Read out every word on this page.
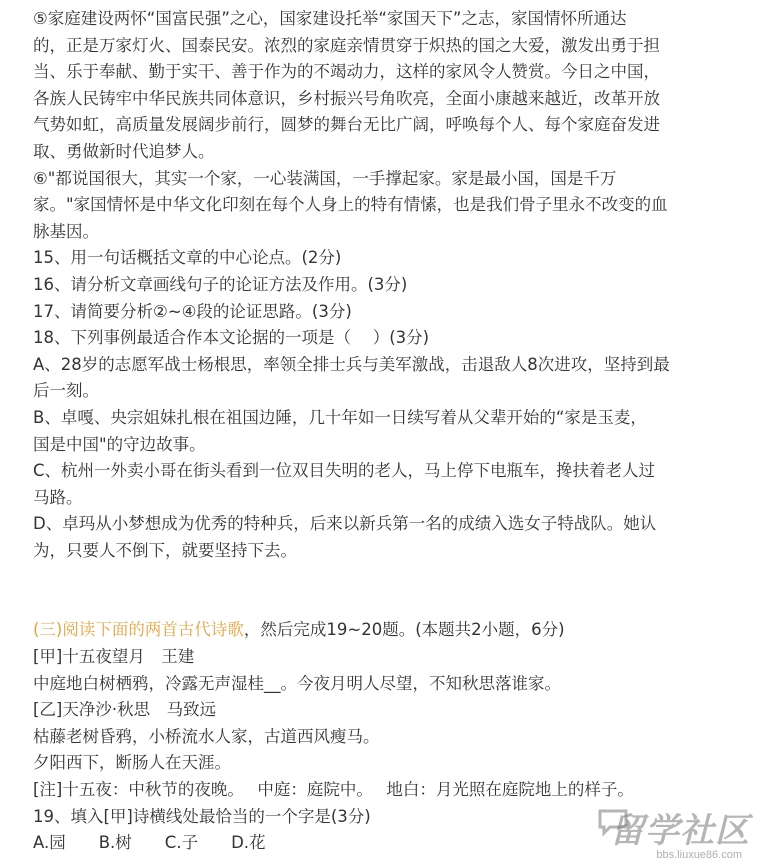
⑤家庭建设两怀“国富民强”之心，国家建设托举“家国天下”之志，家国情怀所通达
的，正是万家灯火、国泰民安。浓烈的家庭亲情贯穿于炽热的国之大爱，激发出勇于担
当、乐于奉献、勤于实干、善于作为的不竭动力，这样的家风令人赞赏。今日之中国，
各族人民铸牢中华民族共同体意识，乡村振兴号角吹亮，全面小康越来越近，改革开放
气势如虹，高质量发展阔步前行，圆梦的舞台无比广阔，呼唤每个人、每个家庭奋发进
取、勇做新时代追梦人。
⑥"都说国很大，其实一个家，一心装满国，一手撑起家。家是最小国，国是千万
家。"家国情怀是中华文化印刻在每个人身上的特有情愫，也是我们骨子里永不改变的血
脉基因。
15、用一句话概括文章的中心论点。(2分)
16、请分析文章画线句子的论证方法及作用。(3分)
17、请简要分析②~④段的论证思路。(3分)
18、下列事例最适合作本文论据的一项是（　 ）(3分)
A、28岁的志愿军战士杨根思，率领全排士兵与美军激战，击退敌人8次进攻，坚持到最
后一刻。
B、卓嘎、央宗姐妹扎根在祖国边陲，几十年如一日续写着从父辈开始的“家是玉麦，
国是中国"的守边故事。
C、杭州一外卖小哥在街头看到一位双目失明的老人，马上停下电瓶车，搀扶着老人过
马路。
D、卓玛从小梦想成为优秀的特种兵，后来以新兵第一名的成绩入选女子特战队。她认
为，只要人不倒下，就要坚持下去。
(三)阅读下面的两首古代诗歌，然后完成19~20题。(本题共2小题，6分)
[甲]十五夜望月　王建
中庭地白树栖鸦，冷露无声湿桂__。今夜月明人尽望，不知秋思落谁家。
[乙]天净沙·秋思　马致远
枯藤老树昏鸦，小桥流水人家，古道西风瘦马。
夕阳西下，断肠人在天涯。
[注]十五夜：中秋节的夜晚。　 中庭：庭院中。　 地白：月光照在庭院地上的样子。
19、填入[甲]诗横线处最恰当的一个字是(3分)
A.园　　B.树　　C.子　　D.花	留学社区
bbs.liuxue86.com
